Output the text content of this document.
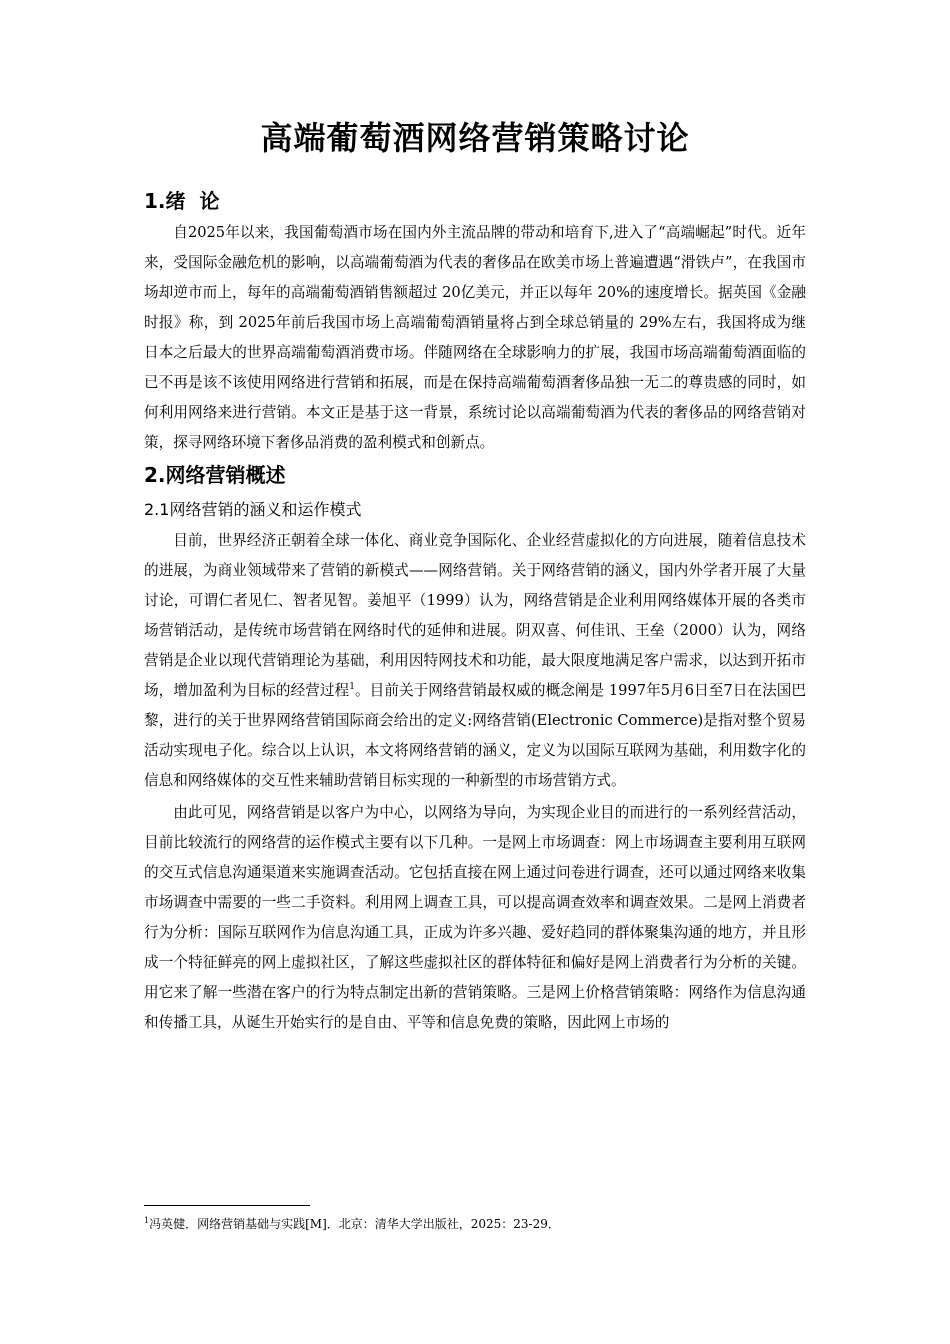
高端葡萄酒网络营销策略讨论
1.绪  论

自2025年以来，我国葡萄酒市场在国内外主流品牌的带动和培育下,进入了“高端崛起”时代。近年来，受国际金融危机的影响，以高端葡萄酒为代表的奢侈品在欧美市场上普遍遭遇“滑铁卢”，在我国市场却逆市而上，每年的高端葡萄酒销售额超过 20亿美元，并正以每年 20%的速度增长。据英国《金融时报》称，到 2025年前后我国市场上高端葡萄酒销量将占到全球总销量的 29%左右，我国将成为继日本之后最大的世界高端葡萄酒消费市场。伴随网络在全球影响力的扩展，我国市场高端葡萄酒面临的已不再是该不该使用网络进行营销和拓展，而是在保持高端葡萄酒奢侈品独一无二的尊贵感的同时，如何利用网络来进行营销。本文正是基于这一背景，系统讨论以高端葡萄酒为代表的奢侈品的网络营销对策，探寻网络环境下奢侈品消费的盈利模式和创新点。

2.网络营销概述
2.1网络营销的涵义和运作模式

目前，世界经济正朝着全球一体化、商业竞争国际化、企业经营虚拟化的方向进展，随着信息技术的进展，为商业领域带来了营销的新模式——网络营销。关于网络营销的涵义，国内外学者开展了大量讨论，可谓仁者见仁、智者见智。姜旭平（1999）认为，网络营销是企业利用网络媒体开展的各类市场营销活动，是传统市场营销在网络时代的延伸和进展。阴双喜、何佳讯、王垒（2000）认为，网络营销是企业以现代营销理论为基础，利用因特网技术和功能，最大限度地满足客户需求，以达到开拓市场，增加盈利为目标的经营过程$^1$。目前关于网络营销最权威的概念阐是 1997年5月6日至7日在法国巴黎，进行的关于世界网络营销国际商会给出的定义:网络营销(Electronic Commerce)是指对整个贸易活动实现电子化。综合以上认识，本文将网络营销的涵义，定义为以国际互联网为基础，利用数字化的信息和网络媒体的交互性来辅助营销目标实现的一种新型的市场营销方式。

由此可见，网络营销是以客户为中心，以网络为导向，为实现企业目的而进行的一系列经营活动，目前比较流行的网络营的运作模式主要有以下几种。一是网上市场调查：网上市场调查主要利用互联网的交互式信息沟通渠道来实施调查活动。它包括直接在网上通过问卷进行调查，还可以通过网络来收集市场调查中需要的一些二手资料。利用网上调查工具，可以提高调查效率和调查效果。二是网上消费者行为分析：国际互联网作为信息沟通工具，正成为许多兴趣、爱好趋同的群体聚集沟通的地方，并且形成一个特征鲜亮的网上虚拟社区，了解这些虚拟社区的群体特征和偏好是网上消费者行为分析的关键。用它来了解一些潜在客户的行为特点制定出新的营销策略。三是网上价格营销策略：网络作为信息沟通和传播工具，从诞生开始实行的是自由、平等和信息免费的策略，因此网上市场的

$^1$冯英健．网络营销基础与实践[M]．北京：清华大学出版社，2025：23-29．
